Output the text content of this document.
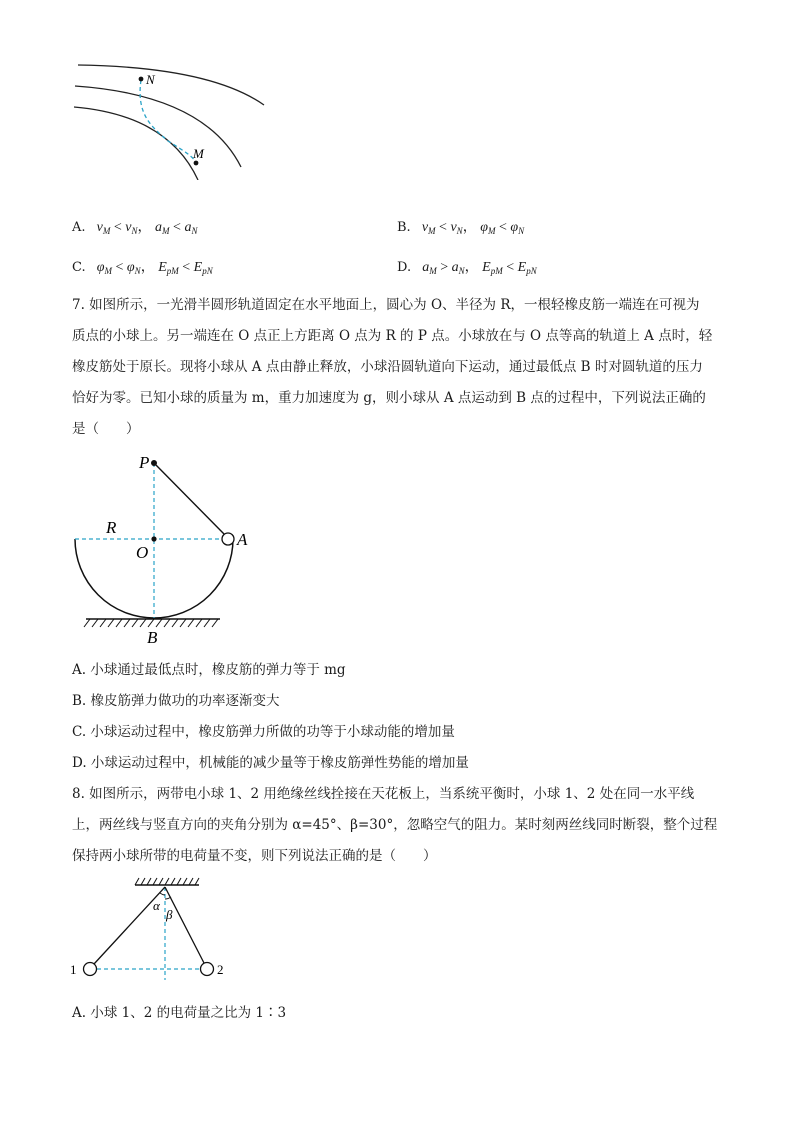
N
M
A. $v_M < v_N$， $a_M < a_N$	B. $v_M < v_N$， $\varphi_M < \varphi_N$
C. $\varphi_M < \varphi_N$， $E_{pM} < E_{pN}$	D. $a_M > a_N$， $E_{pM} < E_{pN}$
7. 如图所示，一光滑半圆形轨道固定在水平地面上，圆心为 O、半径为 R，一根轻橡皮筋一端连在可视为
质点的小球上。另一端连在 O 点正上方距离 O 点为 R 的 P 点。小球放在与 O 点等高的轨道上 A 点时，轻
橡皮筋处于原长。现将小球从 A 点由静止释放，小球沿圆轨道向下运动，通过最低点 B 时对圆轨道的压力
恰好为零。已知小球的质量为 m，重力加速度为 g，则小球从 A 点运动到 B 点的过程中，下列说法正确的
是（　　）
P
R
O
A
B
A. 小球通过最低点时，橡皮筋的弹力等于 mg
B. 橡皮筋弹力做功的功率逐渐变大
C. 小球运动过程中，橡皮筋弹力所做的功等于小球动能的增加量
D. 小球运动过程中，机械能的减少量等于橡皮筋弹性势能的增加量
8. 如图所示，两带电小球 1、2 用绝缘丝线拴接在天花板上，当系统平衡时，小球 1、2 处在同一水平线
上，两丝线与竖直方向的夹角分别为 α=45°、β=30°，忽略空气的阻力。某时刻两丝线同时断裂，整个过程
保持两小球所带的电荷量不变，则下列说法正确的是（　　）
α
β
1	2
A. 小球 1、2 的电荷量之比为 1∶3
